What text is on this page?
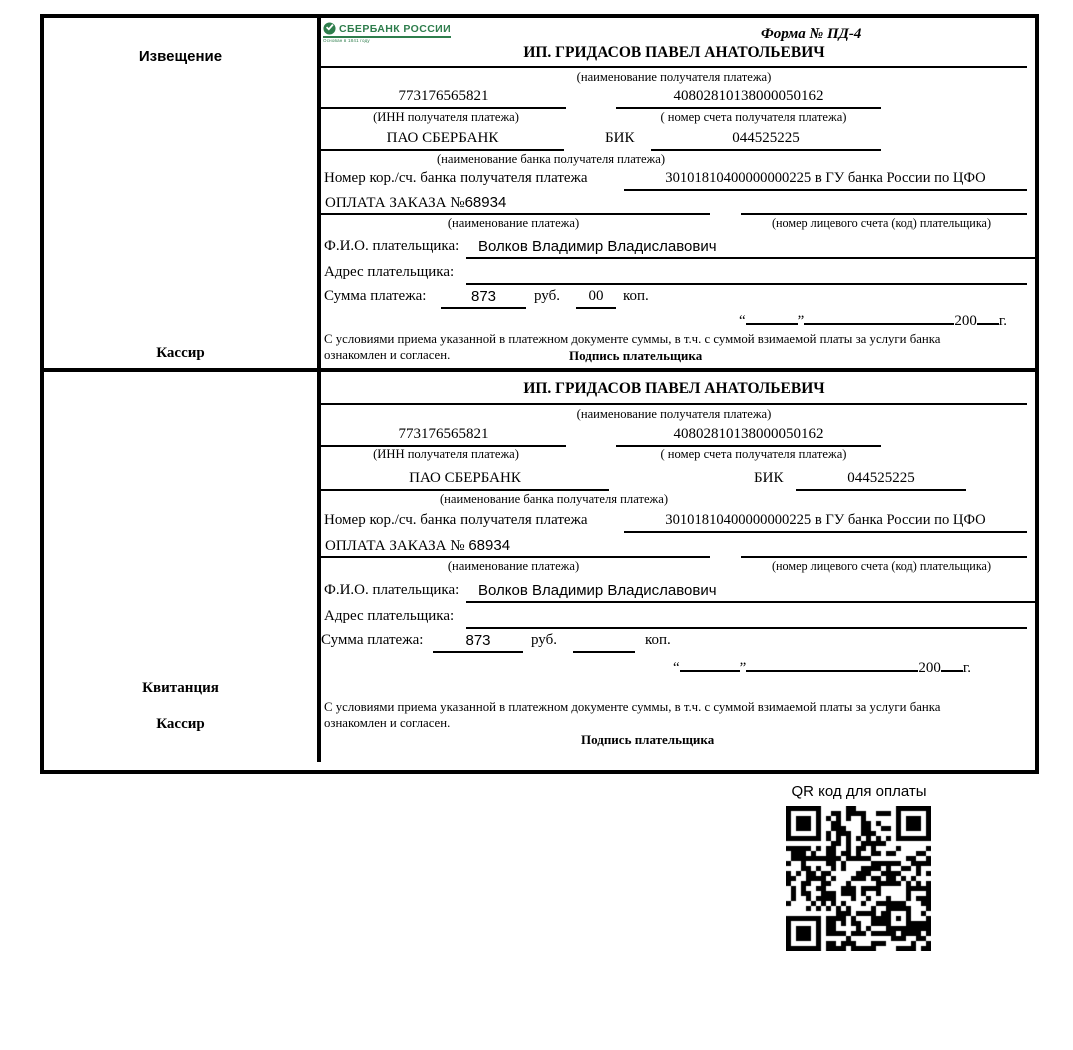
Извещение
Кассир
СБЕРБАНК РОССИИ
Основан в 1841 году	Форма № ПД-4
ИП. ГРИДАСОВ ПАВЕЛ АНАТОЛЬЕВИЧ
(наименование получателя платежа)
773176565821	40802810138000050162
(ИНН получателя платежа)	( номер счета получателя платежа)
ПАО СБЕРБАНК	БИК	044525225
(наименование банка получателя платежа)
Номер кор./сч. банка получателя платежа	30101810400000000225 в ГУ банка России по ЦФО
ОПЛАТА ЗАКАЗА №68934
(наименование платежа)	(номер лицевого счета (код) плательщика)
Ф.И.О. плательщика:	Волков Владимир Владиславович
Адрес плательщика:
Сумма платежа:	873	руб.	00	коп.
“	”	200 г.
С условиями приема указанной в платежном документе суммы, в т.ч. с суммой взимаемой платы за услуги банка
ознакомлен и согласен.	Подпись плательщика
Квитанция
Кассир
ИП. ГРИДАСОВ ПАВЕЛ АНАТОЛЬЕВИЧ
(наименование получателя платежа)
773176565821	40802810138000050162
(ИНН получателя платежа)	( номер счета получателя платежа)
ПАО СБЕРБАНК	БИК	044525225
(наименование банка получателя платежа)
Номер кор./сч. банка получателя платежа	30101810400000000225 в ГУ банка России по ЦФО
ОПЛАТА ЗАКАЗА № 68934
(наименование платежа)	(номер лицевого счета (код) плательщика)
Ф.И.О. плательщика:	Волков Владимир Владиславович
Адрес плательщика:
Сумма платежа:	873	руб.	коп.
“	”	200 г.
С условиями приема указанной в платежном документе суммы, в т.ч. с суммой взимаемой платы за услуги банка
ознакомлен и согласен.
Подпись плательщика
QR код для оплаты
